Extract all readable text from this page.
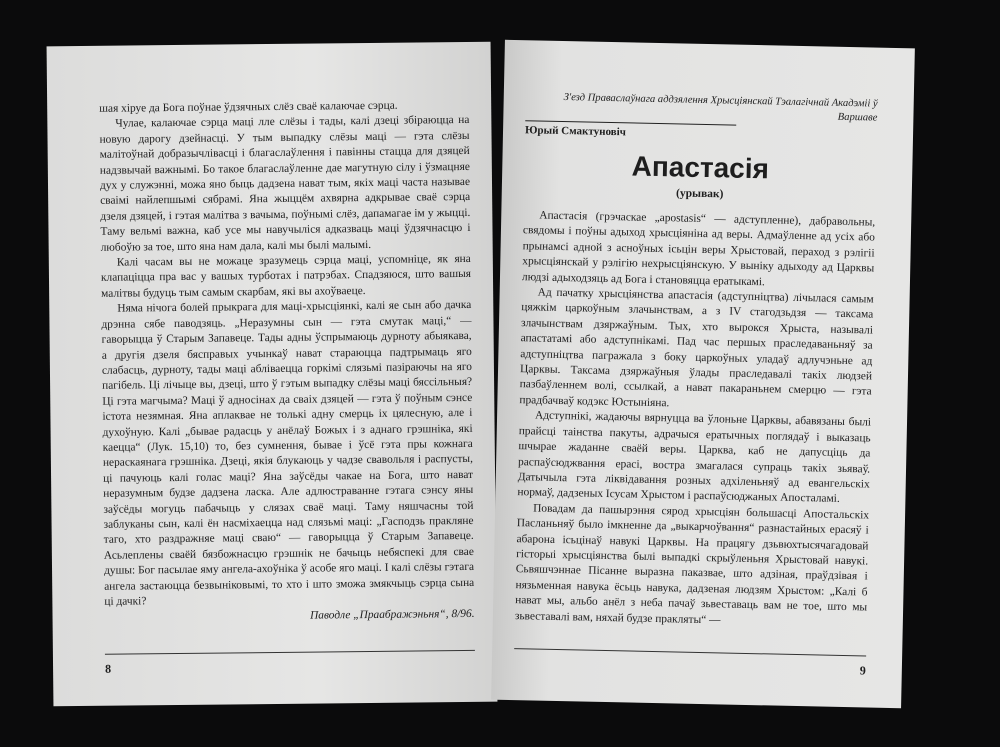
шая хіруе да Бога поўнае ўдзячных слёз сваё калаючае сэрца.

Чулае, калаючае сэрца маці лле слёзы і тады, калі дзеці збіраюцца на новую дарогу дзейнасці. У тым выпадку слёзы маці — гэта слёзы малітоўнай добразычлівасці і благаслаўлення і павінны стацца для дзяцей надзвычай важнымі. Бо такое благаслаўленне дае магутную сілу і ўзмацняе дух у служэнні, можа яно быць дадзена нават тым, якіх маці часта называе сваімі найлепшымі сябрамі. Яна жыццём ахвярна адкрывае сваё сэрца дзеля дзяцей, і гэтая малітва з вачыма, поўнымі слёз, дапамагае ім у жыцці. Таму вельмі важна, каб усе мы навучыліся адказваць маці ўдзячнасцю і любоўю за тое, што яна нам дала, калі мы былі малымі.

Калі часам вы не можаце зразумець сэрца маці, успомніце, як яна клапаціцца пра вас у вашых турботах і патрэбах. Спадзяюся, што вашыя малітвы будуць тым самым скарбам, які вы ахоўваеце.

Няма нічога болей прыкрага для маці-хрысціянкі, калі яе сын або дачка дрэнна сябе паводзяць. „Неразумны сын — гэта смутак маці,“ — гаворыцца ў Старым Запавеце. Тады адны ўспрымаюць дурноту абыякава, а другія дзеля бясправых учынкаў нават стараюцца падтрымаць яго слабасць, дурноту, тады маці абліваецца горкімі слязьмі пазіраючы на яго пагібель. Ці лічыце вы, дзеці, што ў гэтым выпадку слёзы маці бясcільныя? Ці гэта магчыма? Маці ў адносінах да сваіх дзяцей — гэта ў поўным сэнсе істота незямная. Яна аплаквае не толькі адну смерць іх цялесную, але і духоўную. Калі „бывае радасць у анёлаў Божых і з аднаго грэшніка, які каецца“ (Лук. 15,10) то, без сумнення, бывае і ўсё гэта пры кожнага нераскаянага грэшніка. Дзеці, якія блукаюць у чадзе свавольля і распусты, ці пачуюць калі голас маці? Яна заўсёды чакае на Бога, што нават неразумным будзе дадзена ласка. Але адлюстраванне гэтага сэнсу яны заўсёды могуць пабачыць у слязах сваё маці. Таму няшчасны той заблуканы сын, калі ён насміхаецца над слязьмі маці: „Гасподзь пракляне таго, хто раздражняе маці сваю“ — гаворыцца ў Старым Запавеце. Асьлеплены сваёй бязбожнасцю грэшнік не бачыць небяспекі для свае душы: Бог пасылае яму ангела-ахоўніка ў асобе яго маці. І калі слёзы гэтага ангела застаюцца безвыніковымі, то хто і што зможа змякчыць сэрца сына ці дачкі?

Паводле „Праабражэньня“, 8/96.
8
З'езд Праваслаўнага аддзялення Хрысціянскай Тэалагічнай Акадэміі ў Варшаве
Юрый Смактуновіч
Апастасія
(урывак)

Апастасія (грэчаскае „apostasis“ — адступленне), дабравольны, свядомы і поўны адыход хрысціяніна ад веры. Адмаўленне ад усіх або прынамсі адной з асноўных ісьцін веры Хрыстовай, пераход з рэлігіі хрысціянскай у рэлігію нехрысціянскую. У вынiку адыходу ад Царквы людзі адыходзяць ад Бога і становяцца ератыкамі.

Ад пачатку хрысціянства апастасія (адступніцтва) лічылася самым цяжкім царкоўным злачынствам, а з IV стагодзьдзя — таксама злачынствам дзяржаўным. Тых, хто вырокся Хрыста, называлі апастатамі або адступнікамі. Пад час першых праследаваньняў за адступніцтва пагражала з боку царкоўных уладаў адлучэньне ад Царквы. Таксама дзяржаўныя ўлады праследавалі такіх людзей пазбаўленнем волі, ссылкай, а нават пакараньнем смерцю — гэта прадбачваў кодэкс Юстыніяна.

Адступнікі, жадаючы вярнуцца ва ўлоньне Царквы, абавязаны былі прайсці таінства пакуты, адрачыся ератычных поглядаў і выказаць шчырае жаданне сваёй веры. Царква, каб не дапусціць да распаўсюджвання ерасі, вострa змагалася супраць такіх зьяваў. Датычыла гэта ліквідавання розных адхіленьняў ад евангельскіх нормаў, дадзеных Ісусам Хрыстом і распаўсюджаных Апосталамі.

Повадам да пашырэння сярод хрысціян большасці Апостальскіх Пасланьняў было імкненне да „выкарчоўвання“ разнастайных ерасяў і абарона ісьцінаў навукі Царквы. На працягу дзьвюхтысячагадовай гісторыі хрысціянства былі выпадкі скрыўленьня Хрыстовай навукі. Сьвяшчэннае Пісанне выразна паказвае, што адзіная, праўдзівая і нязьменная навука ёсьць навука, дадзеная людзям Хрыстом: „Калі б нават мы, альбо анёл з неба пачаў зьвеставаць вам не тое, што мы зьвеставалі вам, няхай будзе пракляты“ —

9
